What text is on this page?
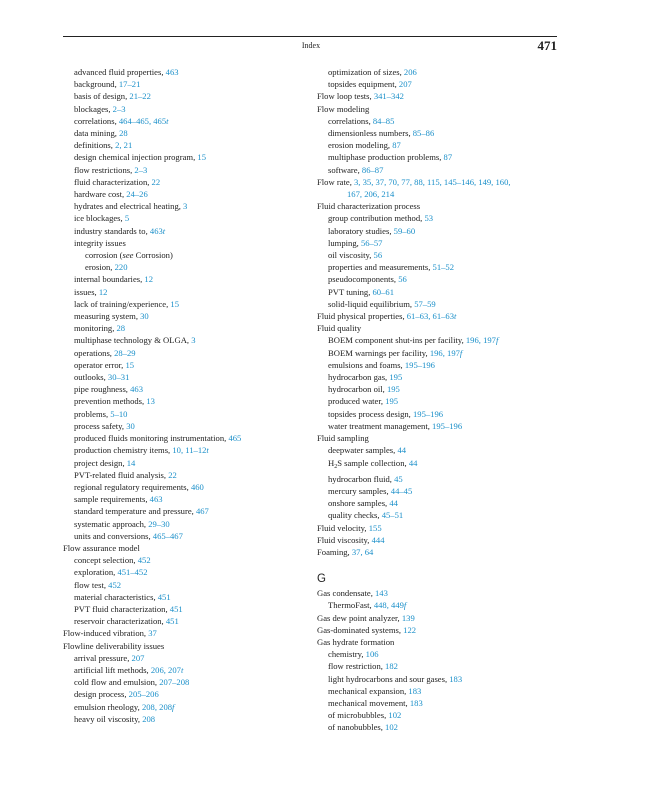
Index	471
advanced fluid properties, 463
background, 17–21
basis of design, 21–22
blockages, 2–3
correlations, 464–465, 465t
data mining, 28
definitions, 2, 21
design chemical injection program, 15
flow restrictions, 2–3
fluid characterization, 22
hardware cost, 24–26
hydrates and electrical heating, 3
ice blockages, 5
industry standards to, 463t
integrity issues
corrosion (see Corrosion)
erosion, 220
internal boundaries, 12
issues, 12
lack of training/experience, 15
measuring system, 30
monitoring, 28
multiphase technology & OLGA, 3
operations, 28–29
operator error, 15
outlooks, 30–31
pipe roughness, 463
prevention methods, 13
problems, 5–10
process safety, 30
produced fluids monitoring instrumentation, 465
production chemistry items, 10, 11–12t
project design, 14
PVT-related fluid analysis, 22
regional regulatory requirements, 460
sample requirements, 463
standard temperature and pressure, 467
systematic approach, 29–30
units and conversions, 465–467
Flow assurance model
concept selection, 452
exploration, 451–452
flow test, 452
material characteristics, 451
PVT fluid characterization, 451
reservoir characterization, 451
Flow-induced vibration, 37
Flowline deliverability issues
arrival pressure, 207
artificial lift methods, 206, 207t
cold flow and emulsion, 207–208
design process, 205–206
emulsion rheology, 208, 208f
heavy oil viscosity, 208
optimization of sizes, 206
topsides equipment, 207
Flow loop tests, 341–342
Flow modeling
correlations, 84–85
dimensionless numbers, 85–86
erosion modeling, 87
multiphase production problems, 87
software, 86–87
Flow rate, 3, 35, 37, 70, 77, 88, 115, 145–146, 149, 160,
167, 206, 214
Fluid characterization process
group contribution method, 53
laboratory studies, 59–60
lumping, 56–57
oil viscosity, 56
properties and measurements, 51–52
pseudocomponents, 56
PVT tuning, 60–61
solid-liquid equilibrium, 57–59
Fluid physical properties, 61–63, 61–63t
Fluid quality
BOEM component shut-ins per facility, 196, 197f
BOEM warnings per facility, 196, 197f
emulsions and foams, 195–196
hydrocarbon gas, 195
hydrocarbon oil, 195
produced water, 195
topsides process design, 195–196
water treatment management, 195–196
Fluid sampling
deepwater samples, 44
$H_2S$ sample collection, 44
hydrocarbon fluid, 45
mercury samples, 44–45
onshore samples, 44
quality checks, 45–51
Fluid velocity, 155
Fluid viscosity, 444
Foaming, 37, 64
G
Gas condensate, 143
ThermoFast, 448, 449f
Gas dew point analyzer, 139
Gas-dominated systems, 122
Gas hydrate formation
chemistry, 106
flow restriction, 182
light hydrocarbons and sour gases, 183
mechanical expansion, 183
mechanical movement, 183
of microbubbles, 102
of nanobubbles, 102
